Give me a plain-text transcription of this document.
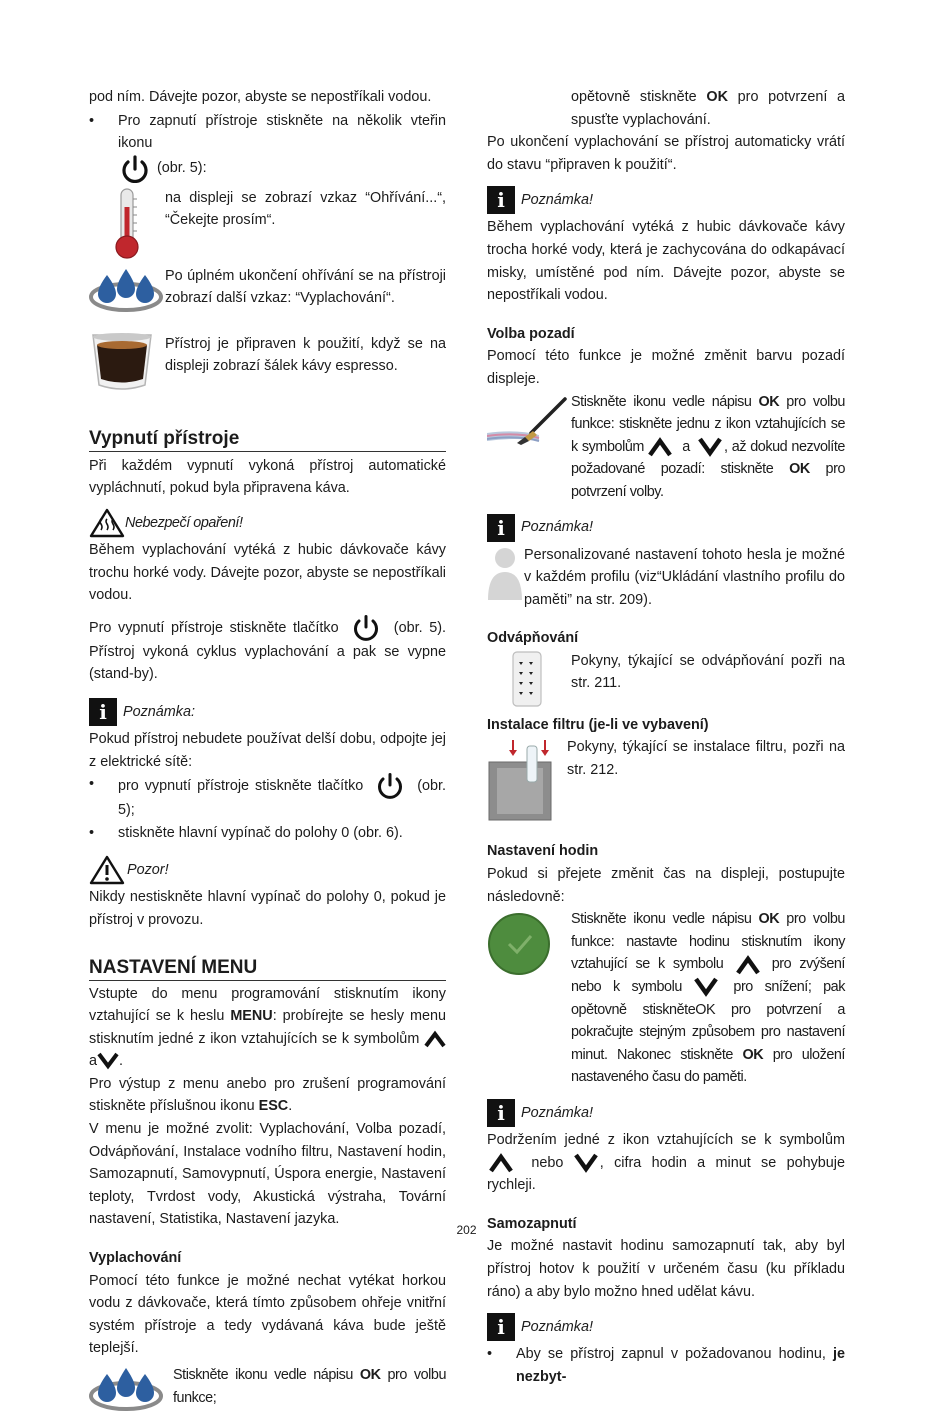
pod ním. Dávejte pozor, abyste se nepostříkali vodou.

• Pro zapnutí přístroje stiskněte na několik vteřin ikonu

(obr. 5):

na displeji se zobrazí vzkaz “Ohřívání...“, “Čekejte prosím“.

Po úplném ukončení ohřívání se na přístroji zobrazí další vzkaz: “Vyplachování“.

Přístroj je připraven k použití, když se na displeji zobrazí šálek kávy espresso.

Vypnutí přístroje

Při každém vypnutí vykoná přístroj automatické vypláchnutí, pokud byla připravena káva.

Nebezpečí opaření!

Během vyplachování vytéká z hubic dávkovače kávy trochu horké vody. Dávejte pozor, abyste se nepostříkali vodou.

Pro vypnutí přístroje stiskněte tlačítko	(obr. 5). Přístroj vykoná cyklus vyplachování a pak se vypne (stand-by).

i	Poznámka:

Pokud přístroj nebudete používat delší dobu, odpojte jej z elektrické sítě:

• pro vypnutí přístroje stiskněte tlačítko	(obr. 5);

• stiskněte hlavní vypínač do polohy 0 (obr. 6).

Pozor!

Nikdy nestiskněte hlavní vypínač do polohy 0, pokud je přístroj v provozu.

NASTAVENÍ MENU

Vstupte do menu programování stisknutím ikony vztahující se k heslu MENU: probírejte se hesly menu stisknutím jedné z ikon vztahujících se k symbolům a .

Pro výstup z menu anebo pro zrušení programování stiskněte příslušnou ikonu ESC.

V menu je možné zvolit: Vyplachování, Volba pozadí, Odvápňování, Instalace vodního filtru, Nastavení hodin, Samozapnutí, Samovypnutí, Úspora energie, Nastavení teploty, Tvrdost vody, Akustická výstraha, Tovární nastavení, Statistika, Nastavení jazyka.

Vyplachování

Pomocí této funkce je možné nechat vytékat horkou vodu z dávkovače, která tímto způsobem ohřeje vnitřní systém přístroje a tedy vydávaná káva bude ještě teplejší.

Stiskněte ikonu vedle nápisu OK pro volbu funkce;

opětovně stiskněte OK pro potvrzení a spusťte vyplachování.

Po ukončení vyplachování se přístroj automaticky vrátí do stavu “připraven k použití“.

i	Poznámka!

Během vyplachování vytéká z hubic dávkovače kávy trocha horké vody, která je zachycována do odkapávací misky, umístěné pod ním. Dávejte pozor, abyste se nepostříkali vodou.

Volba pozadí

Pomocí této funkce je možné změnit barvu pozadí displeje.

Stiskněte ikonu vedle nápisu OK pro volbu funkce: stiskněte jednu z ikon vztahujících se k symbolům	a , až dokud nezvolíte požadované pozadí: stiskněte OK pro potvrzení volby.

i	Poznámka!

Personalizované nastavení tohoto hesla je možné v každém profilu (viz“Ukládání vlastního profilu do paměti” na str. 209).

Odvápňování

Pokyny, týkající se odvápňování pozři na str. 211.

Instalace filtru (je-li ve vybavení)

Pokyny, týkající se instalace filtru, pozři na str. 212.

Nastavení hodin

Pokud si přejete změnit čas na displeji, postupujte následovně:

Stiskněte ikonu vedle nápisu OK pro volbu funkce: nastavte hodinu stisknutím ikony vztahující se k symbolu	pro zvýšení nebo k symbolu	pro snížení; pak opětovně stiskněteOK pro potvrzení a pokračujte stejným způsobem pro nastavení minut. Nakonec stiskněte OK pro uložení nastaveného času do paměti.

i	Poznámka!

Podržením jedné z ikon vztahujících se k symbolům  nebo	, cifra hodin a minut se pohybuje rychleji.

Samozapnutí

Je možné nastavit hodinu samozapnutí tak, aby byl přístroj hotov k použití v určeném času (ku příkladu ráno) a aby bylo možno hned udělat kávu.

i	Poznámka!

• Aby se přístroj zapnul v požadovanou hodinu, je nezbyt-

202
